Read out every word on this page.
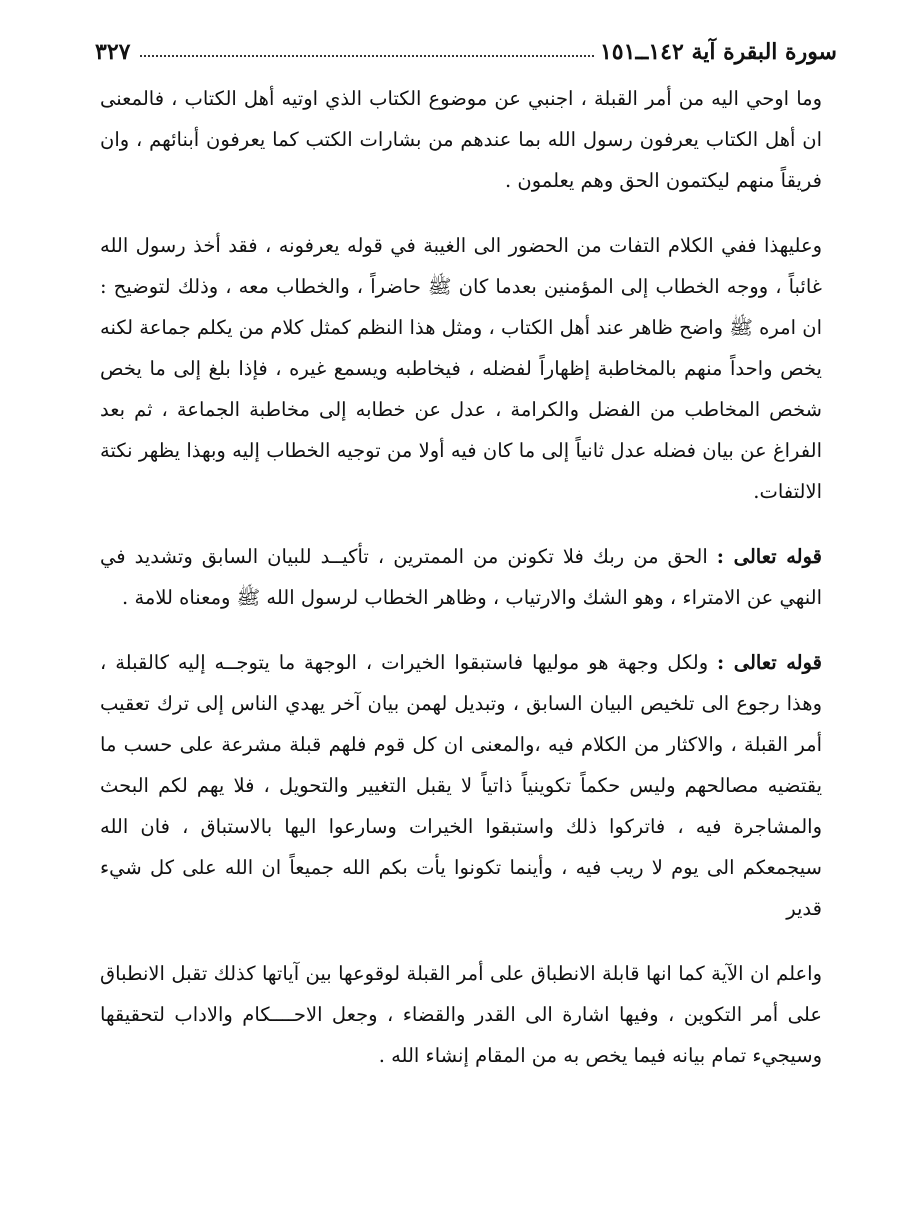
٣٢٧	سورة البقرة آية ١٤٢ــ١٥١

وما اوحي اليه من أمر القبلة ، اجنبي عن موضوع الكتاب الذي اوتيه أهل الكتاب ، فالمعنى ان أهل الكتاب يعرفون رسول الله بما عندهم من بشارات الكتب كما يعرفون أبنائهم ، وان فريقاً منهم ليكتمون الحق وهم يعلمون .

وعليهذا ففي الكلام التفات من الحضور الى الغيبة في قوله يعرفونه ، فقد أخذ رسول الله غائباً ، ووجه الخطاب إلى المؤمنين بعدما كان ﷺ حاضراً ، والخطاب معه ، وذلك لتوضيح : ان امره ﷺ واضح ظاهر عند أهل الكتاب ، ومثل هذا النظم كمثل كلام من يكلم جماعة لكنه يخص واحداً منهم بالمخاطبة إظهاراً لفضله ، فيخاطبه ويسمع غيره ، فإذا بلغ إلى ما يخص شخص المخاطب من الفضل والكرامة ، عدل عن خطابه إلى مخاطبة الجماعة ، ثم بعد الفراغ عن بيان فضله عدل ثانياً إلى ما كان فيه أولا من توجيه الخطاب إليه وبهذا يظهر نكتة الالتفات.

قوله تعالى : الحق من ربك فلا تكونن من الممترين ، تأكيــد للبيان السابق وتشديد في النهي عن الامتراء ، وهو الشك والارتياب ، وظاهر الخطاب لرسول الله ﷺ ومعناه للامة .

قوله تعالى : ولكل وجهة هو موليها فاستبقوا الخيرات ، الوجهة ما يتوجــه إليه كالقبلة ، وهذا رجوع الى تلخيص البيان السابق ، وتبديل لهمن بيان آخر يهدي الناس إلى ترك تعقيب أمر القبلة ، والاكثار من الكلام فيه ،والمعنى ان كل قوم فلهم قبلة مشرعة على حسب ما يقتضيه مصالحهم وليس حكماً تكوينياً ذاتياً لا يقبل التغيير والتحويل ، فلا يهم لكم البحث والمشاجرة فيه ، فاتركوا ذلك واستبقوا الخيرات وسارعوا اليها بالاستباق ، فان الله سيجمعكم الى يوم لا ريب فيه ، وأينما تكونوا يأت بكم الله جميعاً ان الله على كل شيء قدير

واعلم ان الآية كما انها قابلة الانطباق على أمر القبلة لوقوعها بين آياتها كذلك تقبل الانطباق على أمر التكوين ، وفيها اشارة الى القدر والقضاء ، وجعل الاحــــكام والاداب لتحقيقها وسيجيء تمام بيانه فيما يخص به من المقام إنشاء الله .
